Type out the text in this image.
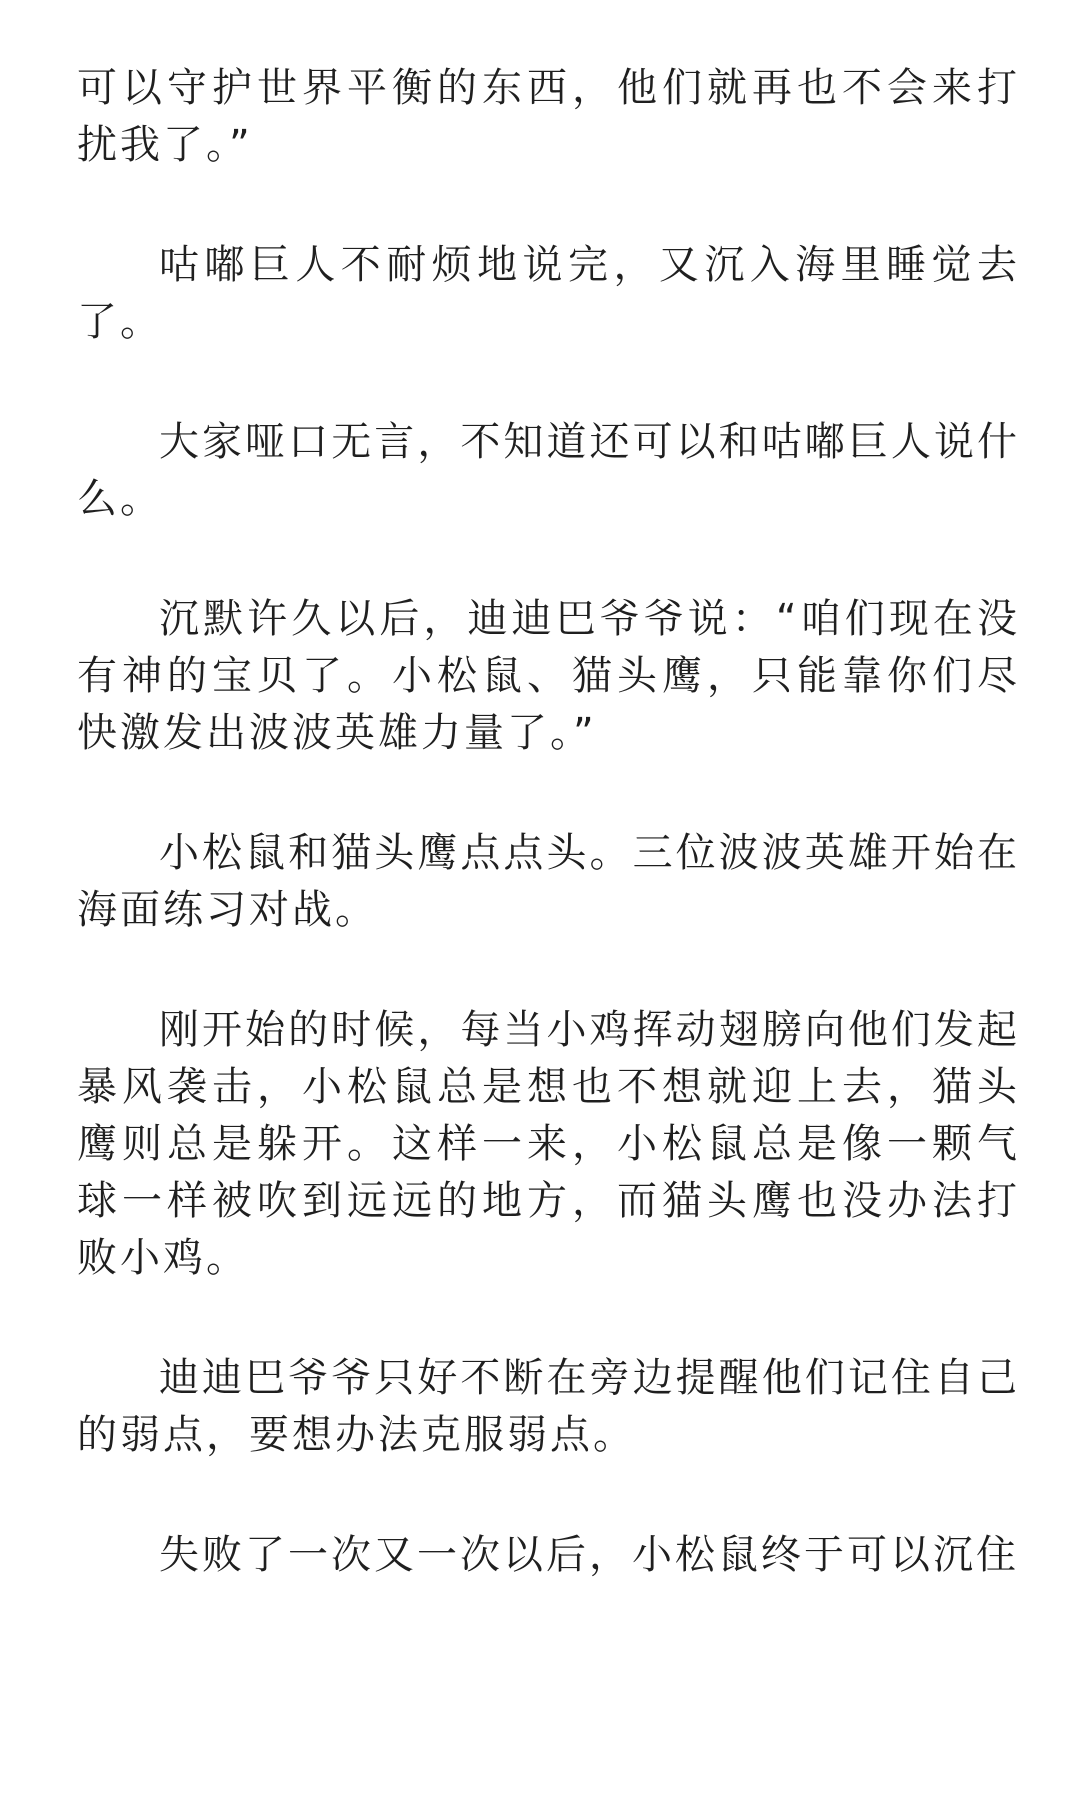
可以守护世界平衡的东西，他们就再也不会来打扰我了。”

咕嘟巨人不耐烦地说完，又沉入海里睡觉去了。

大家哑口无言，不知道还可以和咕嘟巨人说什么。

沉默许久以后，迪迪巴爷爷说：“咱们现在没有神的宝贝了。小松鼠、猫头鹰，只能靠你们尽快激发出波波英雄力量了。”

小松鼠和猫头鹰点点头。三位波波英雄开始在海面练习对战。

刚开始的时候，每当小鸡挥动翅膀向他们发起暴风袭击，小松鼠总是想也不想就迎上去，猫头鹰则总是躲开。这样一来，小松鼠总是像一颗气球一样被吹到远远的地方，而猫头鹰也没办法打败小鸡。

迪迪巴爷爷只好不断在旁边提醒他们记住自己的弱点，要想办法克服弱点。

失败了一次又一次以后，小松鼠终于可以沉住
